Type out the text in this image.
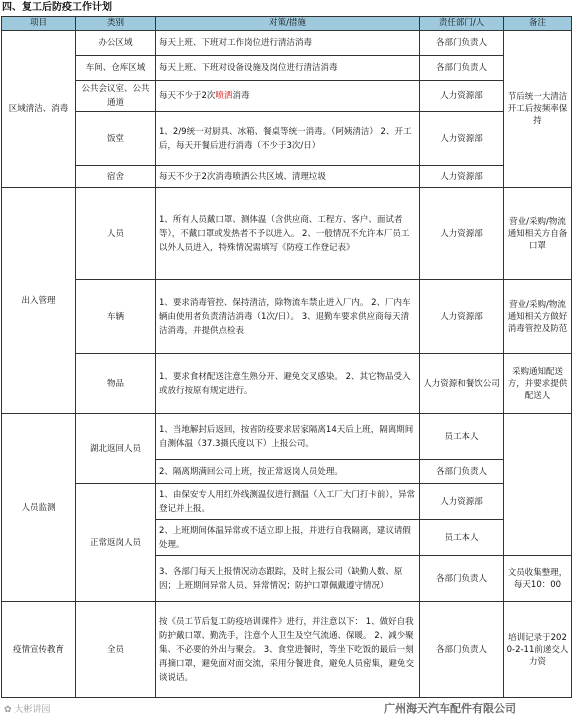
四、复工后防疫工作计划
项目	类别	对策/措施	责任部门/人	备注
区域清洁、消毒	办公区域	每天上班、下班对工作岗位进行清洁消毒	各部门负责人	节后统一大清洁开工后按频率保持
	车间、仓库区域	每天上班、下班对设备设施及岗位进行清洁消毒	各部门负责人	
	公共会议室、公共通道	每天不少于2次喷洒消毒	人力资源部	
	饭堂	1、2/9统一对厨具、冰箱、餐桌等统一消毒。（阿姨清洁） 2、开工后，每天开餐后进行消毒（不少于3次/日）	人力资源部	
	宿舍	每天不少于2次消毒喷洒公共区域、清理垃圾	人力资源部	
出入管理	人员	1、所有人员戴口罩、测体温（含供应商、工程方、客户、面试者等），不戴口罩或发热者不予以进入。 2、一般情况不允许本厂员工以外人员进入，特殊情况需填写《防疫工作登记表》	人力资源部	营业/采购/物流通知相关方自备口罩
	车辆	1、要求消毒管控、保持清洁，除物流车禁止进入厂内。 2、厂内车辆由使用者负责清洁消毒（1次/日）。 3、退勤车要求供应商每天清洁消毒，并提供点检表	人力资源部	营业/采购/物流通知相关方做好消毒管控及防范
	物品	1、要求食材配送注意生熟分开、避免交叉感染。 2、其它物品受入或放行按原有规定进行。	人力资源和餐饮公司	采购通知配送方，并要求提供配送人
人员监测	湖北返回人员	1、当地解封后返回，按省防疫要求居家隔离14天后上班，隔离期间自测体温（37.3摄氏度以下）上报公司。	员工本人	
		2、隔离期满回公司上班，按正常返岗人员处理。	各部门负责人	
	正常返岗人员	1、由保安专人用红外线测温仪进行测温（入工厂大门打卡前），异常登记并上报。	人力资源部	
		2、上班期间体温异常或不适立即上报，并进行自我隔离，建议请假处理。	员工本人	
		3、各部门每天上报情况动态跟踪，及时上报公司（缺勤人数、原因；上班期间异常人员、异常情况；防护口罩佩戴遵守情况）	各部门负责人	文员收集整理，每天10：00
疫情宣传教育	全员	按《员工节后复工防疫培训课件》进行，并注意以下： 1、做好自我防护戴口罩、勤洗手，注意个人卫生及空气流通、保暖。 2、减少聚集、不必要的外出与聚会。 3、食堂进餐时，等坐下吃饭的最后一刻再摘口罩，避免面对面交流，采用分餐进食，避免人员密集，避免交谈说话。	各部门负责人	培训记录于2020-2-11前递交人力资
✿ 大彬讲园	广州海天汽车配件有限公司
